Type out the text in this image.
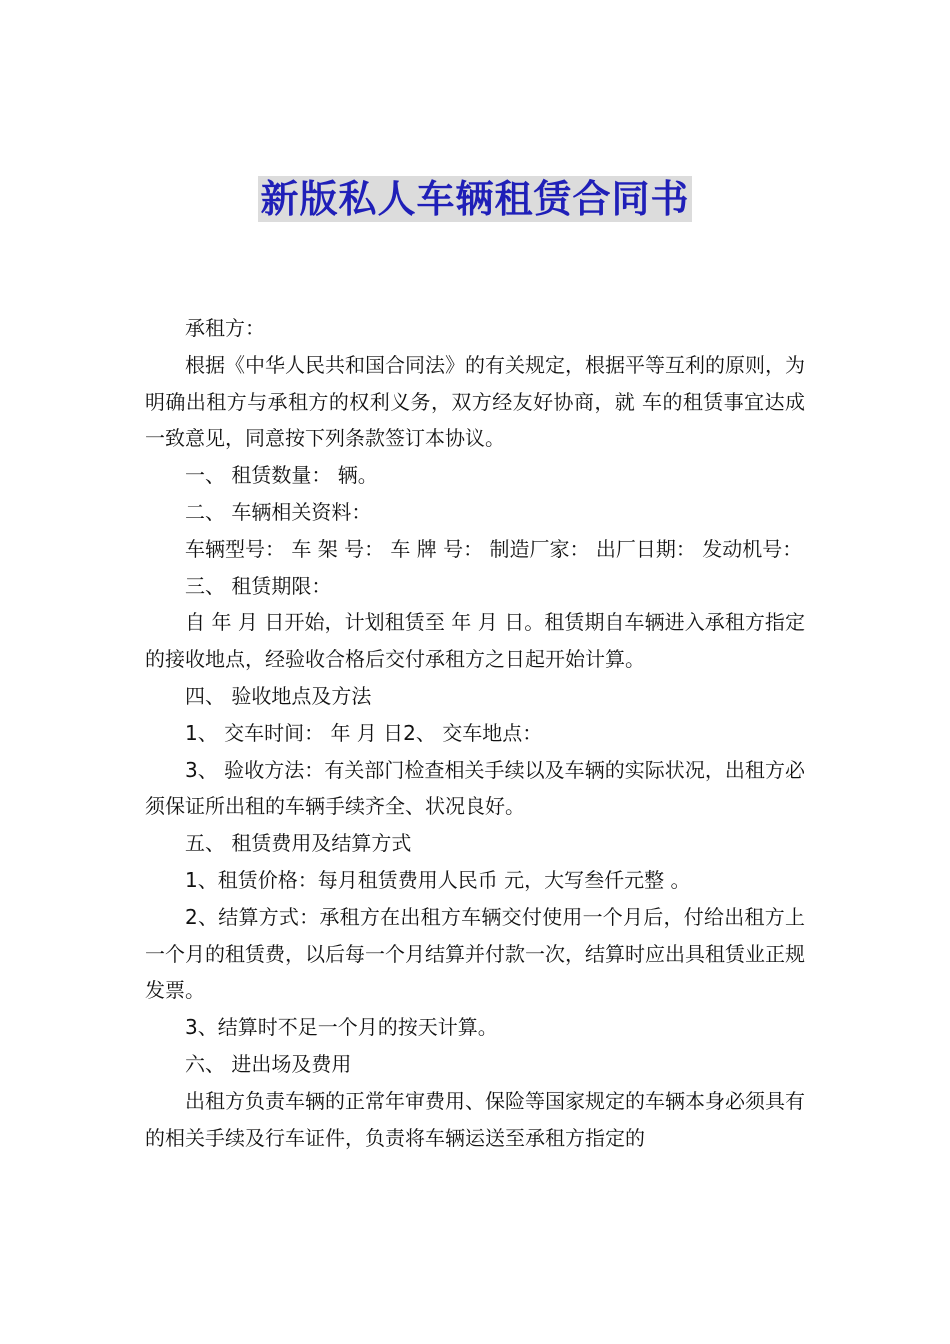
新版私人车辆租赁合同书

承租方：

根据《中华人民共和国合同法》的有关规定，根据平等互利的原则，为明确出租方与承租方的权利义务，双方经友好协商，就 车的租赁事宜达成一致意见，同意按下列条款签订本协议。

一、 租赁数量： 辆。

二、 车辆相关资料：

车辆型号： 车 架 号： 车 牌 号： 制造厂家： 出厂日期： 发动机号：

三、 租赁期限：

自 年 月 日开始，计划租赁至 年 月 日。租赁期自车辆进入承租方指定的接收地点，经验收合格后交付承租方之日起开始计算。

四、 验收地点及方法

1、 交车时间： 年 月 日2、 交车地点：

3、 验收方法：有关部门检查相关手续以及车辆的实际状况，出租方必须保证所出租的车辆手续齐全、状况良好。

五、 租赁费用及结算方式

1、租赁价格：每月租赁费用人民币 元，大写叁仟元整 。

2、结算方式：承租方在出租方车辆交付使用一个月后，付给出租方上一个月的租赁费，以后每一个月结算并付款一次，结算时应出具租赁业正规发票。

3、结算时不足一个月的按天计算。

六、 进出场及费用

出租方负责车辆的正常年审费用、保险等国家规定的车辆本身必须具有的相关手续及行车证件，负责将车辆运送至承租方指定的
